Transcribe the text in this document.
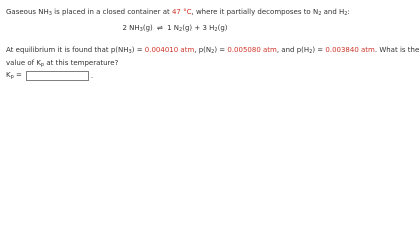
Gaseous $NH_3$ is placed in a closed container at 47 °C, where it partially decomposes to $N_2$ and $H_2$:
2 $NH_3(g)$ ⇌ 1 $N_2(g) + 3$ $H_2(g)$
At equilibrium it is found that $p(NH_3) = 0.004010$ atm, $p(N_2) = 0.005080$ atm, and $p(H_2) = 0.003840$ atm. What is the
value of $K_p$ at this temperature?
$K_p$ =	.
